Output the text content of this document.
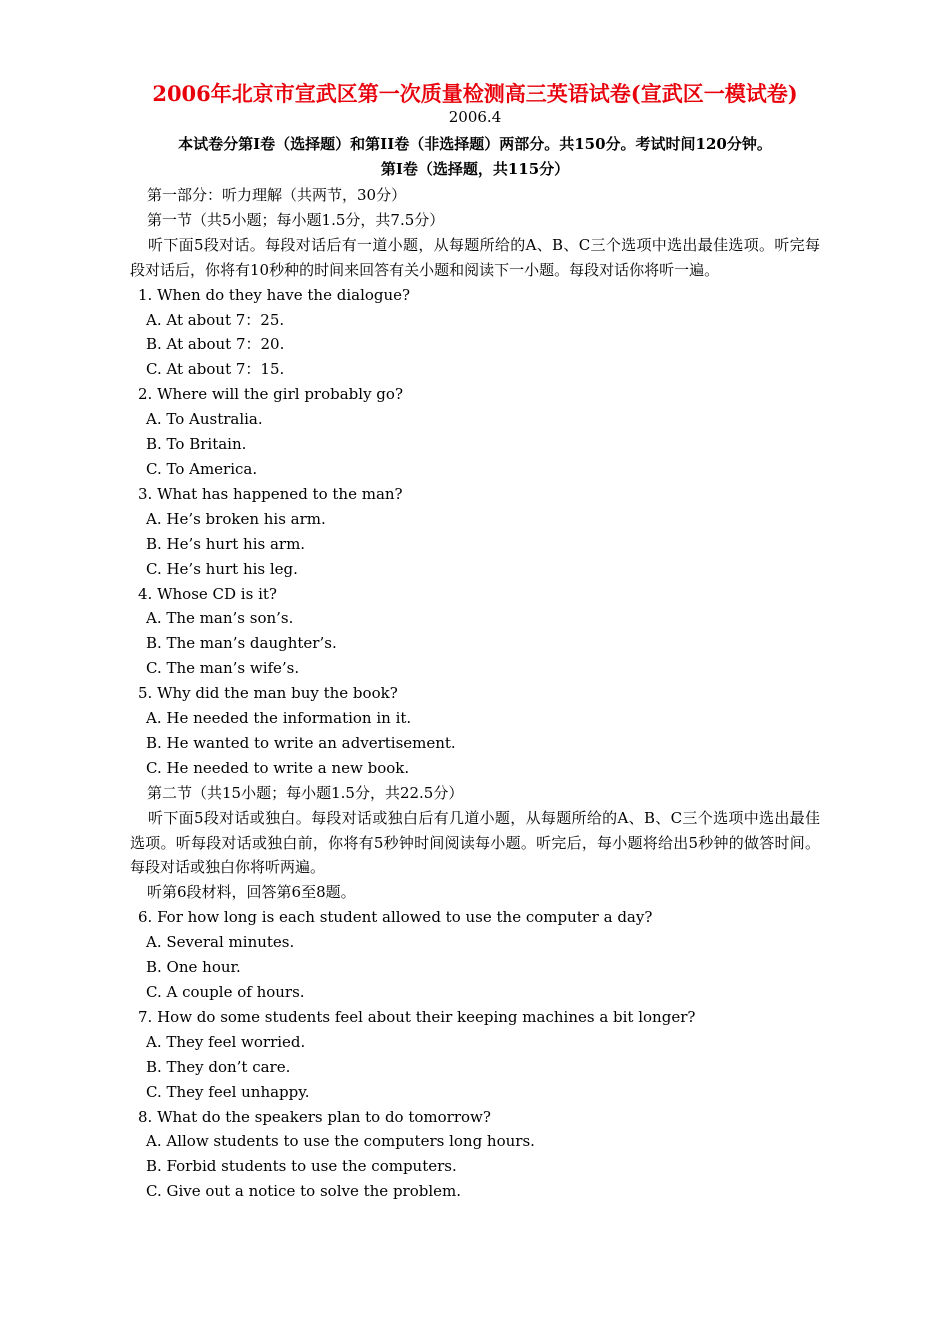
2006年北京市宣武区第一次质量检测高三英语试卷(宣武区一模试卷)
2006.4
本试卷分第Ⅰ卷（选择题）和第II卷（非选择题）两部分。共150分。考试时间120分钟。
第Ⅰ卷（选择题，共115分）
第一部分：听力理解（共两节，30分）
第一节（共5小题；每小题1.5分，共7.5分）
听下面5段对话。每段对话后有一道小题，从每题所给的A、B、C三个选项中选出最佳选项。听完每段对话后，你将有10秒种的时间来回答有关小题和阅读下一小题。每段对话你将听一遍。
1. When do they have the dialogue?
A. At about 7：25.
B. At about 7：20.
C. At about 7：15.
2. Where will the girl probably go?
A. To Australia.
B. To Britain.
C. To America.
3. What has happened to the man?
A. He’s broken his arm.
B. He’s hurt his arm.
C. He’s hurt his leg.
4. Whose CD is it?
A. The man’s son’s.
B. The man’s daughter’s.
C. The man’s wife’s.
5. Why did the man buy the book?
A. He needed the information in it.
B. He wanted to write an advertisement.
C. He needed to write a new book.
第二节（共15小题；每小题1.5分，共22.5分）
听下面5段对话或独白。每段对话或独白后有几道小题，从每题所给的A、B、C三个选项中选出最佳选项。听每段对话或独白前，你将有5秒钟时间阅读每小题。听完后，每小题将给出5秒钟的做答时间。每段对话或独白你将听两遍。
听第6段材料，回答第6至8题。
6. For how long is each student allowed to use the computer a day?
A. Several minutes.
B. One hour.
C. A couple of hours.
7. How do some students feel about their keeping machines a bit longer?
A. They feel worried.
B. They don’t care.
C. They feel unhappy.
8. What do the speakers plan to do tomorrow?
A. Allow students to use the computers long hours.
B. Forbid students to use the computers.
C. Give out a notice to solve the problem.
